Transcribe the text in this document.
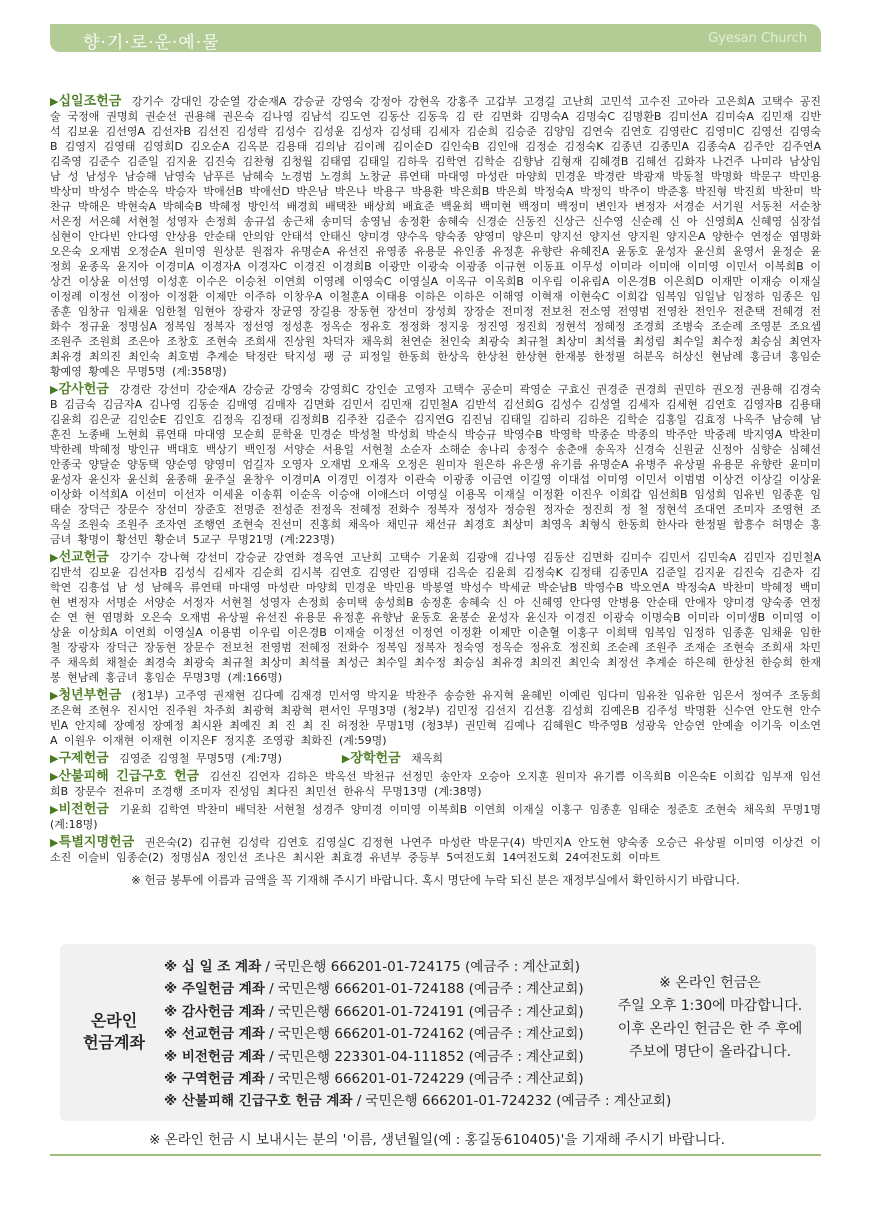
향·기·로·운·예·물	Gyesan Church

▶십일조헌금 강기수 강대인 강순열 강순재A 강승균 강영숙 강정아 강현옥 강홍주 고갑부 고경길 고난희 고민석 고수진 고아라 고은희A 고택수 공진술 국정애 권명희 권순선 권용해 권은숙 김나영 김남석 김도연 김동산 김동욱 김 란 김면화 김명숙A 김명숙C 김명환B 김미선A 김미숙A 김민재 김반석 김보윤 김선영A 김선자B 김선진 김성락 김성수 김성윤 김성자 김성태 김세자 김순희 김승준 김양임 김연숙 김연호 김영란C 김영미C 김영선 김영숙B 김영지 김영태 김영희D 김오순A 김옥분 김용태 김의남 김이례 김이순D 김인숙B 김인애 김정순 김정숙K 김종년 김종민A 김종숙A 김주안 김주연A 김죽영 김준수 김준일 김지윤 김진숙 김찬형 김청월 김태엽 김태일 김하욱 김학연 김학순 김향남 김형재 김혜경B 김혜선 김화자 나건주 나미라 남상임 남 성 남성우 남승해 남영숙 남푸른 남혜숙 노경범 노경희 노창균 류연태 마대영 마성란 마양희 민경운 박경란 박광재 박동철 박명화 박문구 박민용 박상미 박성수 박순옥 박승자 박애선B 박애선D 박은남 박은나 박용구 박용환 박은희B 박은희 박정숙A 박정익 박주이 박준홍 박진형 박진희 박찬미 박찬규 박해은 박현숙A 박혜숙B 박혜정 방인석 배경희 배택찬 배상희 배효준 백윤희 백미현 백정미 백정미 변인자 변정자 서경순 서기원 서동천 서순창 서은정 서은혜 서현철 성영자 손정희 송규섭 송근채 송미덕 송영님 송정환 송혜숙 신경순 신동진 신상근 신수영 신순례 신 아 신영희A 신혜영 심장섭 심현이 안다빈 안다영 안상용 안순태 안의암 안태석 안태신 양미경 양수옥 양숙종 양영미 양은미 양지선 양지선 양지원 양지은A 양한수 연정순 염명화 오은숙 오재범 오정순A 원미영 원상분 원점자 유명순A 유선진 유영종 유용문 유인종 유정훈 유향란 유혜진A 윤동호 윤성자 윤신희 윤영서 윤정순 윤정희 윤종옥 윤지아 이경미A 이경자A 이경자C 이경진 이경희B 이광만 이광숙 이광종 이규현 이동표 이무성 이미라 이미애 이미영 이민서 이복희B 이상건 이상윤 이선영 이성훈 이수은 이승천 이연희 이영례 이영숙C 이영실A 이옥규 이옥희B 이우림 이유림A 이은경B 이은희D 이재만 이재승 이재실 이정례 이정선 이정아 이정환 이제만 이주하 이창우A 이철훈A 이태용 이하은 이하은 이해영 이혁재 이현숙C 이희갑 임복임 임일남 임정하 임종은 임종훈 임창규 임채윤 임한철 임현아 장광자 장균영 장길용 장동현 장선미 장성희 장장순 전미정 전보천 전소영 전영범 전영찬 전인우 전춘택 전혜경 전화수 정규윤 정명심A 정복임 정복자 정선영 정성훈 정옥순 정유호 정정화 정지웅 정진영 정진희 정현석 정혜정 조경희 조병숙 조순례 조영분 조요셉 조원주 조원희 조은아 조창호 조현숙 조희새 진상원 차덕자 채옥희 천연순 천인숙 최광숙 최규철 최상미 최석률 최성림 최수일 최수정 최승심 최연자 최유경 최의진 최인숙 최호범 추계순 탁정란 탁지성 팽 긍 피정일 한동희 한상옥 한상천 한상현 한재봉 한정필 허분옥 허상신 현남례 홍금녀 홍임순 황예영 황예은 무명5명 (계:358명)

▶감사헌금 강경란 강선미 강순재A 강승균 강영숙 강영희C 강인순 고영자 고택수 공순미 곽영순 구효신 권경준 권경희 권민하 권오정 권용해 김경숙B 김금숙 김금자A 김나영 김동순 김매영 김매자 김면화 김민서 김민재 김민철A 김반석 김선희G 김성수 김성열 김세자 김세현 김연호 김영자B 김용태 김윤희 김은균 김인순E 김인호 김정옥 김정태 김정희B 김주찬 김준수 김지연G 김진님 김태일 김하리 김하은 김학순 김홍일 김효정 나옥주 남승혜 남훈진 노종배 노현희 류연태 마대영 모순희 문학윤 민경순 박성철 박성희 박순식 박승규 박영수B 박영학 박종순 박종의 박주안 박중례 박지영A 박찬미 박한례 박혜정 방인규 백대호 백상기 백인정 서양순 서용일 서현철 소순자 소해순 송나리 송정수 송춘애 송옥자 신경숙 신원균 신정아 심향순 심혜선 안종국 양달순 양동택 양순영 양영미 엄길자 오영자 오재범 오재옥 오정은 원미자 원은하 유은생 유기름 유명순A 유병주 유상필 유용문 유향란 윤미미 윤성자 윤신자 윤신희 윤종해 윤주실 윤창우 이경미A 이경민 이경자 이관숙 이광종 이금연 이길영 이대섭 이미영 이민서 이범범 이상건 이상길 이상윤 이상화 이석희A 이선미 이선자 이세윤 이송휘 이순옥 이승애 이애스더 이영실 이용목 이재실 이정환 이진우 이희갑 임선희B 임성희 임유빈 임종훈 임태순 장덕근 장문수 장선미 장준호 전명준 전성준 전정옥 전혜정 전화수 정복자 정성자 정승원 정자순 정진희 정 철 정현석 조대연 조미자 조영현 조옥실 조원숙 조원주 조자연 조행연 조현숙 진선미 진홍희 채옥아 채민규 채선규 최경호 최상미 최영옥 최형식 한동희 한사라 한정필 함흥수 허명순 홍금녀 황명이 황선민 황순녀 5교구 무명21명 (계:223명)

▶선교헌금 강기수 강나혁 강선미 강승균 강연화 경옥연 고난희 고택수 기윤희 김광애 김나영 김동산 김면화 김미수 김민서 김민숙A 김민자 김민철A 김반석 김보윤 김선자B 김성식 김세자 김순희 김시복 김연호 김영란 김영태 김옥순 김윤희 김정숙K 김정태 김종민A 김준일 김지윤 김진숙 김춘자 김학연 김흥섭 남 성 남혜옥 류연태 마대영 마성란 마양희 민경운 박민용 박봉열 박성수 박세균 박순남B 박영수B 박오연A 박정숙A 박찬미 박혜정 백미현 변정자 서명순 서양순 서정자 서현철 성영자 손정희 송미택 송성희B 송정훈 송혜숙 신 아 신혜영 안다영 안병용 안순태 안애자 양미경 양숙종 연정순 연 현 염명화 오은숙 오재범 유상필 유선진 유용문 유정훈 유향남 윤동호 윤봉순 윤성자 윤신자 이경진 이광숙 이명숙B 이미라 이미생B 이미영 이상윤 이상희A 이연희 이영실A 이용범 이우림 이은경B 이재술 이정선 이정연 이정환 이제만 이춘혈 이홍구 이희택 임복임 임정하 임종훈 임채윤 임한철 장광자 장덕근 장동현 장문수 전보천 전영범 전혜정 전화수 정복임 정복자 정숙영 정옥순 정유호 정진희 조순례 조원주 조재순 조현숙 조희새 차민주 채옥희 채철순 최경숙 최광숙 최규철 최상미 최석률 최성근 최수일 최수정 최승심 최유경 최의진 최인숙 최정선 추계순 하은혜 한상천 한승희 한재봉 현남례 홍금녀 홍임순 무명3명 (계:166명)

▶청년부헌금 (청1부) 고주영 권재현 김다예 김재경 민서영 박지윤 박찬주 송승한 유지혁 윤혜빈 이예린 임다미 임유찬 임유한 임은서 정여주 조동희 조은혁 조현우 진시언 진주원 차주희 최광혁 최광혁 편서인 무명3명 (청2부) 김민정 김선지 김선홍 김성희 김예은B 김주성 박명환 신수연 안도현 안수빈A 안지혜 장예정 장예정 최시완 최예진 최 진 최 진 허정찬 무명1명 (청3부) 권민혁 김예나 김혜원C 박주영B 성광욱 안승연 안예솔 이기욱 이소연A 이원우 이재현 이재현 이지은F 정지훈 조영광 최화진 (계:59명)

▶구제헌금 김영준 김영철 무명5명 (계:7명)	▶장학헌금 채옥희

▶산불피해 긴급구호 헌금 김선진 김연자 김하은 박옥선 박천규 선정민 송안자 오승아 오지훈 원미자 유기쁨 이옥희B 이은숙E 이희갑 임부재 임선희B 장문수 전유미 조경행 조미자 진성임 최다진 최민선 한유식 무명13명 (계:38명)

▶비전헌금 기윤희 김학연 박찬미 배덕찬 서현철 성경주 양미경 이미영 이복희B 이연희 이재실 이홍구 임종훈 임태순 정준호 조현숙 채옥희 무명1명 (계:18명)

▶특별지명헌금 권은숙(2) 김규현 김성락 김연호 김영실C 김정현 나연주 마성란 박문구(4) 박민지A 안도현 양숙종 오승근 유상필 이미영 이상건 이소진 이슬비 임종순(2) 정명심A 정인선 조나은 최시완 최효경 유년부 중등부 5여전도회 14여전도회 24여전도회 이마트

※ 헌금 봉투에 이름과 금액을 꼭 기재해 주시기 바랍니다. 혹시 명단에 누락 되신 분은 재정부실에서 확인하시기 바랍니다.
온라인
헌금계좌
※ 십 일 조 계좌 / 국민은행 666201-01-724175 (예금주 : 계산교회)
※ 주일헌금 계좌 / 국민은행 666201-01-724188 (예금주 : 계산교회)
※ 감사헌금 계좌 / 국민은행 666201-01-724191 (예금주 : 계산교회)
※ 선교헌금 계좌 / 국민은행 666201-01-724162 (예금주 : 계산교회)
※ 비전헌금 계좌 / 국민은행 223301-04-111852 (예금주 : 계산교회)
※ 구역헌금 계좌 / 국민은행 666201-01-724229 (예금주 : 계산교회)
※ 산불피해 긴급구호 헌금 계좌 / 국민은행 666201-01-724232 (예금주 : 계산교회)
※ 온라인 헌금은
주일 오후 1:30에 마감합니다.
이후 온라인 헌금은 한 주 후에
주보에 명단이 올라갑니다.
※ 온라인 헌금 시 보내시는 분의 '이름, 생년월일(예 : 홍길동610405)'을 기재해 주시기 바랍니다.
